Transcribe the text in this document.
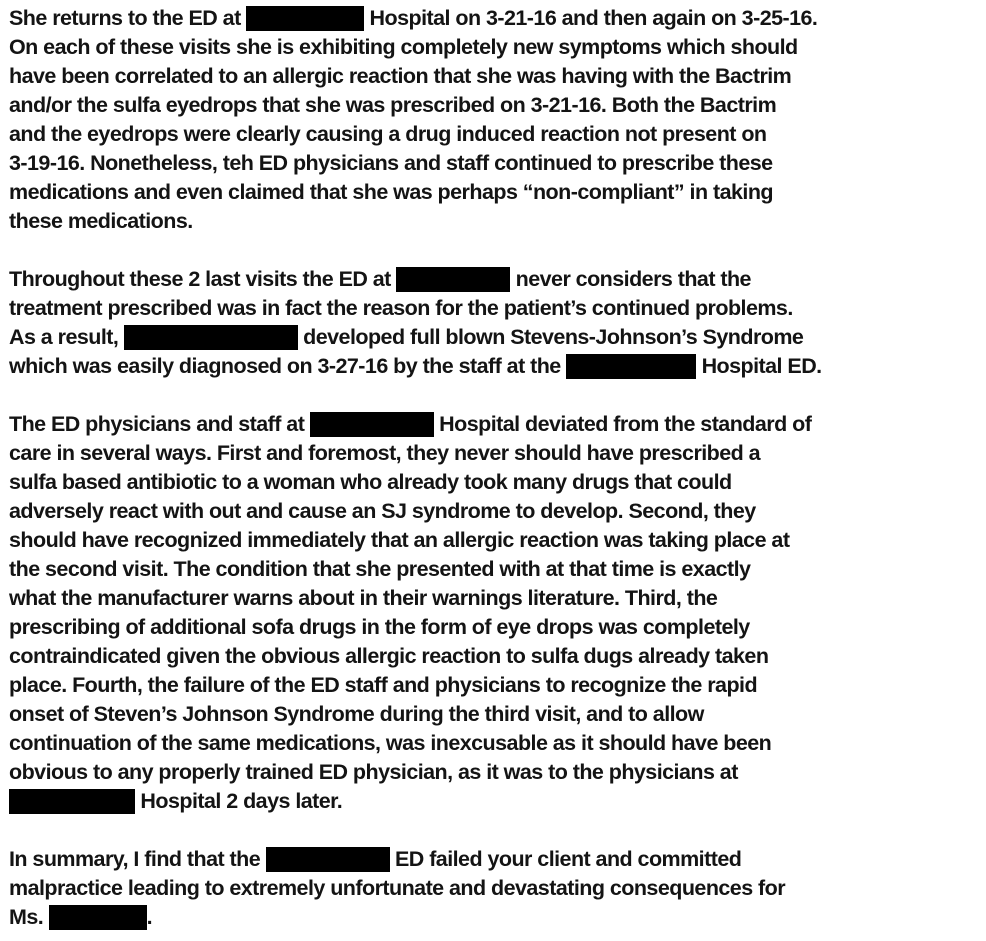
She returns to the ED at	Hospital on 3-21-16 and then again on 3-25-16.
On each of these visits she is exhibiting completely new symptoms which should
have been correlated to an allergic reaction that she was having with the Bactrim
and/or the sulfa eyedrops that she was prescribed on 3-21-16. Both the Bactrim
and the eyedrops were clearly causing a drug induced reaction not present on
3-19-16. Nonetheless, teh ED physicians and staff continued to prescribe these
medications and even claimed that she was perhaps “non-compliant” in taking
these medications.
Throughout these 2 last visits the ED at	never considers that the
treatment prescribed was in fact the reason for the patient’s continued problems.
As a result,	developed full blown Stevens-Johnson’s Syndrome
which was easily diagnosed on 3-27-16 by the staff at the	Hospital ED.
The ED physicians and staff at	Hospital deviated from the standard of
care in several ways. First and foremost, they never should have prescribed a
sulfa based antibiotic to a woman who already took many drugs that could
adversely react with out and cause an SJ syndrome to develop. Second, they
should have recognized immediately that an allergic reaction was taking place at
the second visit. The condition that she presented with at that time is exactly
what the manufacturer warns about in their warnings literature. Third, the
prescribing of additional sofa drugs in the form of eye drops was completely
contraindicated given the obvious allergic reaction to sulfa dugs already taken
place. Fourth, the failure of the ED staff and physicians to recognize the rapid
onset of Steven’s Johnson Syndrome during the third visit, and to allow
continuation of the same medications, was inexcusable as it should have been
obvious to any properly trained ED physician, as it was to the physicians at
Hospital 2 days later.
In summary, I find that the	ED failed your client and committed
malpractice leading to extremely unfortunate and devastating consequences for
Ms.	.
